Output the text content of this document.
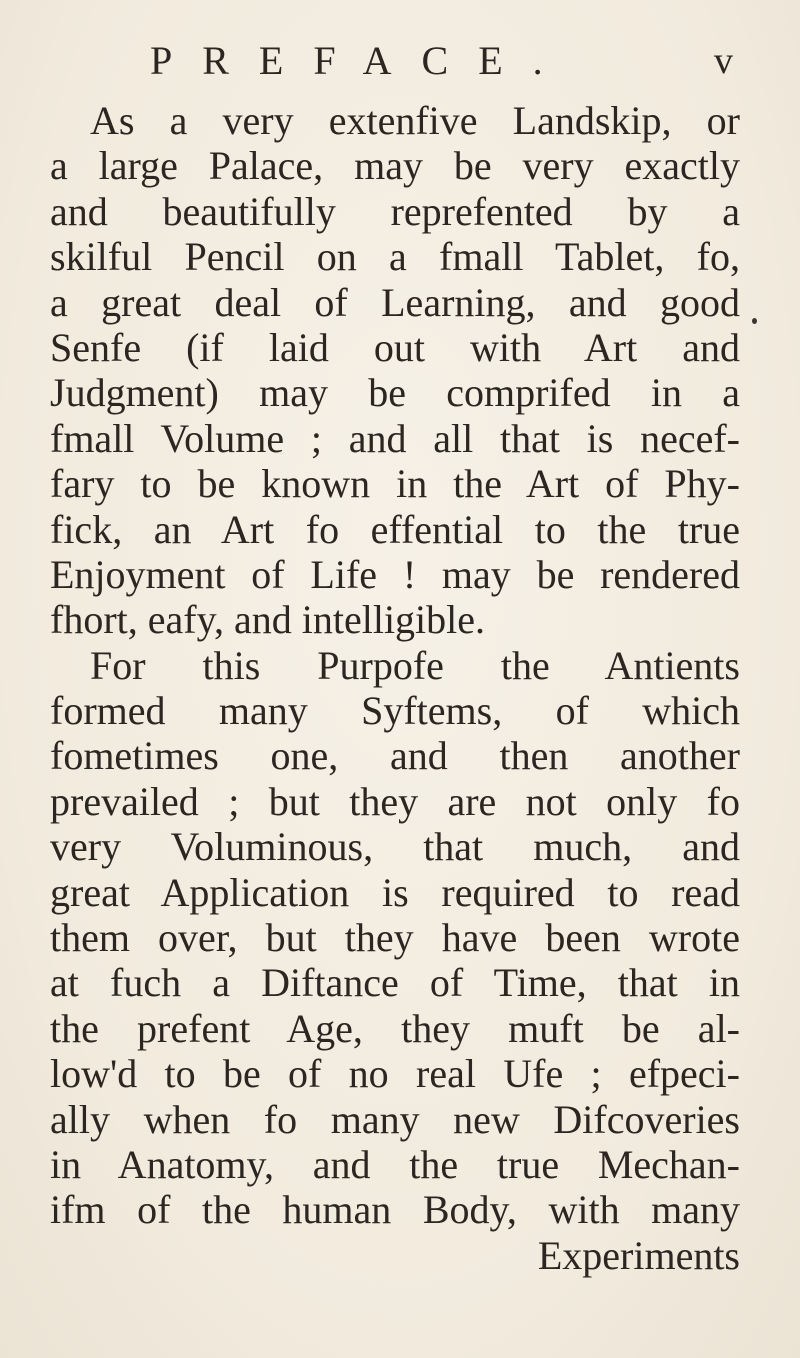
PREFACE.	v
As a very extenfive Landskip, or
a large Palace, may be very exactly
and beautifully reprefented by a
skilful Pencil on a fmall Tablet, fo,
a great deal of Learning, and good
Senfe (if laid out with Art and
Judgment) may be comprifed in a
fmall Volume ; and all that is necef-
fary to be known in the Art of Phy-
fick, an Art fo effential to the true
Enjoyment of Life ! may be rendered
fhort, eafy, and intelligible.
For this Purpofe the Antients
formed many Syftems, of which
fometimes one, and then another
prevailed ; but they are not only fo
very Voluminous, that much, and
great Application is required to read
them over, but they have been wrote
at fuch a Diftance of Time, that in
the prefent Age, they muft be al-
low'd to be of no real Ufe ; efpeci-
ally when fo many new Difcoveries
in Anatomy, and the true Mechan-
ifm of the human Body, with many
Experiments
